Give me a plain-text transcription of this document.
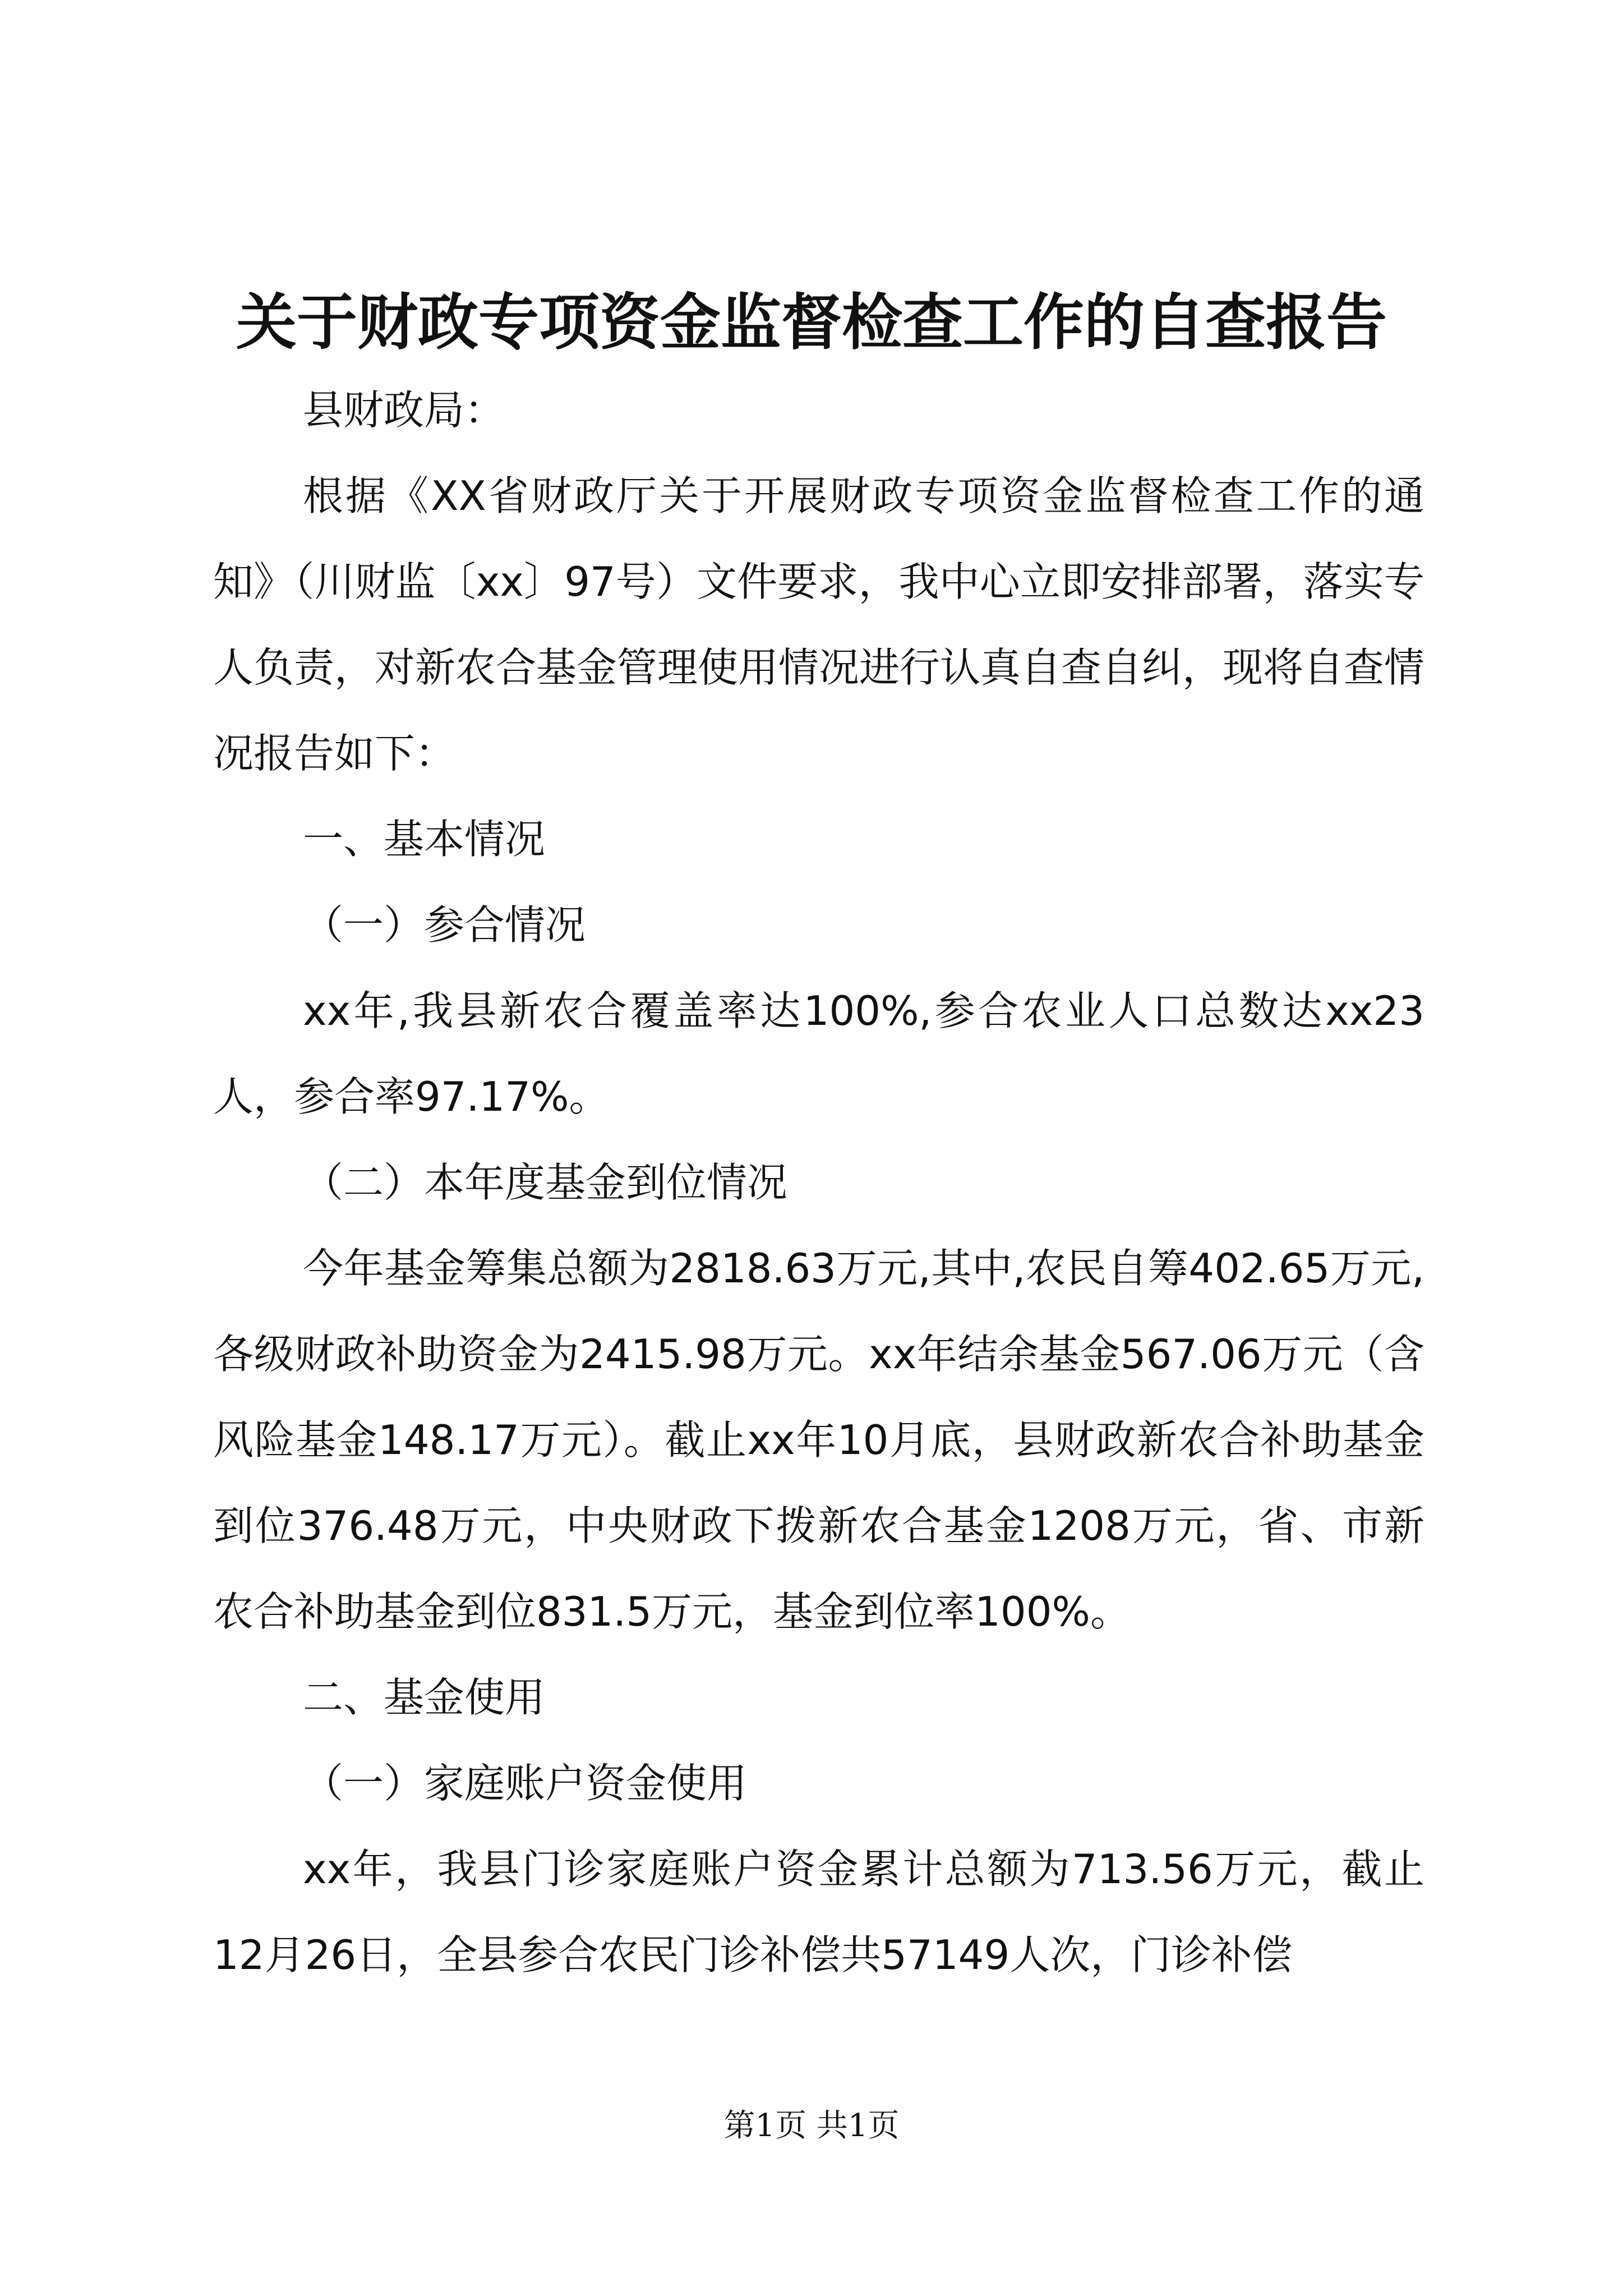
关于财政专项资金监督检查工作的自查报告

县财政局：

根据《XX省财政厅关于开展财政专项资金监督检查工作的通知》（川财监〔xx〕97号）文件要求，我中心立即安排部署，落实专人负责，对新农合基金管理使用情况进行认真自查自纠，现将自查情况报告如下：

一、基本情况

（一）参合情况

xx年,我县新农合覆盖率达100%,参合农业人口总数达xx23人，参合率97.17%。

（二）本年度基金到位情况

今年基金筹集总额为2818.63万元,其中,农民自筹402.65万元,各级财政补助资金为2415.98万元。xx年结余基金567.06万元（含风险基金148.17万元）。截止xx年10月底，县财政新农合补助基金到位376.48万元，中央财政下拨新农合基金1208万元，省、市新农合补助基金到位831.5万元，基金到位率100%。

二、基金使用

（一）家庭账户资金使用

xx年，我县门诊家庭账户资金累计总额为713.56万元，截止12月26日，全县参合农民门诊补偿共57149人次，门诊补偿

第1页 共1页
